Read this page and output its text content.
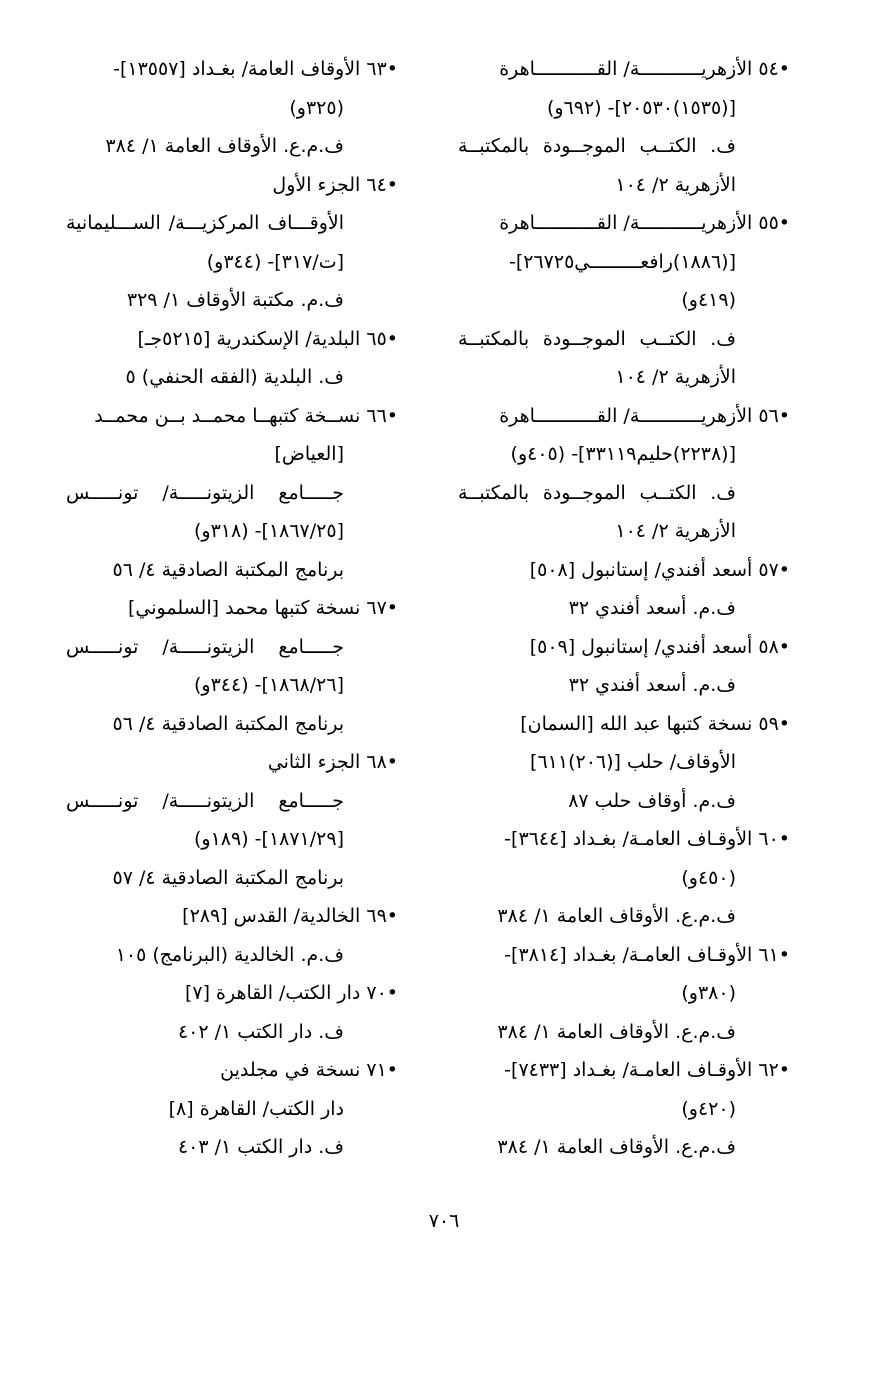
•٥٤ الأزهريـــــــــــة/ القـــــــــــاهرة
[(١٥٣٥)٢٠٥٣٠]- (٦٩٢و)
ف. الكتــب الموجــودة بالمكتبــة
الأزهرية ٢/ ١٠٤
•٥٥ الأزهريـــــــــــة/ القـــــــــــاهرة
[(١٨٨٦)رافعـــــــــي٢٦٧٢٥]-
(٤١٩و)
ف. الكتــب الموجــودة بالمكتبــة
الأزهرية ٢/ ١٠٤
•٥٦ الأزهريـــــــــــة/ القـــــــــــاهرة
[(٢٢٣٨)حليم٣٣١١٩]- (٤٠٥و)
ف. الكتــب الموجــودة بالمكتبــة
الأزهرية ٢/ ١٠٤
•٥٧ أسعد أفندي/ إستانبول [٥٠٨]
ف.م. أسعد أفندي ٣٢
•٥٨ أسعد أفندي/ إستانبول [٥٠٩]
ف.م. أسعد أفندي ٣٢
•٥٩ نسخة كتبها عبد الله [السمان]
الأوقاف/ حلب [(٢٠٦)٦١١]
ف.م. أوقاف حلب ٨٧
•٦٠ الأوقـاف العامـة/ بغـداد [٣٦٤٤]-
(٤٥٠و)
ف.م.ع. الأوقاف العامة ١/ ٣٨٤
•٦١ الأوقـاف العامـة/ بغـداد [٣٨١٤]-
(٣٨٠و)
ف.م.ع. الأوقاف العامة ١/ ٣٨٤
•٦٢ الأوقـاف العامـة/ بغـداد [٧٤٣٣]-
(٤٢٠و)
ف.م.ع. الأوقاف العامة ١/ ٣٨٤
•٦٣ الأوقاف العامة/ بغـداد [١٣٥٥٧]-
(٣٢٥و)
ف.م.ع. الأوقاف العامة ١/ ٣٨٤
•٦٤ الجزء الأول
الأوقـــاف المركزيـــة/ الســـليمانية
[ت/٣١٧]- (٣٤٤و)
ف.م. مكتبة الأوقاف ١/ ٣٢٩
•٦٥ البلدية/ الإسكندرية [٥٢١٥جـ]
ف. البلدية (الفقه الحنفي) ٥
•٦٦ نســخة كتبهــا محمــد بــن محمــد
[العياض]
جـــــامع الزيتونـــــة/ تونـــــس
[١٨٦٧/٢٥]- (٣١٨و)
برنامج المكتبة الصادقية ٤/ ٥٦
•٦٧ نسخة كتبها محمد [السلموني]
جـــــامع الزيتونـــــة/ تونـــــس
[١٨٦٨/٢٦]- (٣٤٤و)
برنامج المكتبة الصادقية ٤/ ٥٦
•٦٨ الجزء الثاني
جـــــامع الزيتونـــــة/ تونـــــس
[١٨٧١/٢٩]- (١٨٩و)
برنامج المكتبة الصادقية ٤/ ٥٧
•٦٩ الخالدية/ القدس [٢٨٩]
ف.م. الخالدية (البرنامج) ١٠٥
•٧٠ دار الكتب/ القاهرة [٧]
ف. دار الكتب ١/ ٤٠٢
•٧١ نسخة في مجلدين
دار الكتب/ القاهرة [٨]
ف. دار الكتب ١/ ٤٠٣
٧٠٦
